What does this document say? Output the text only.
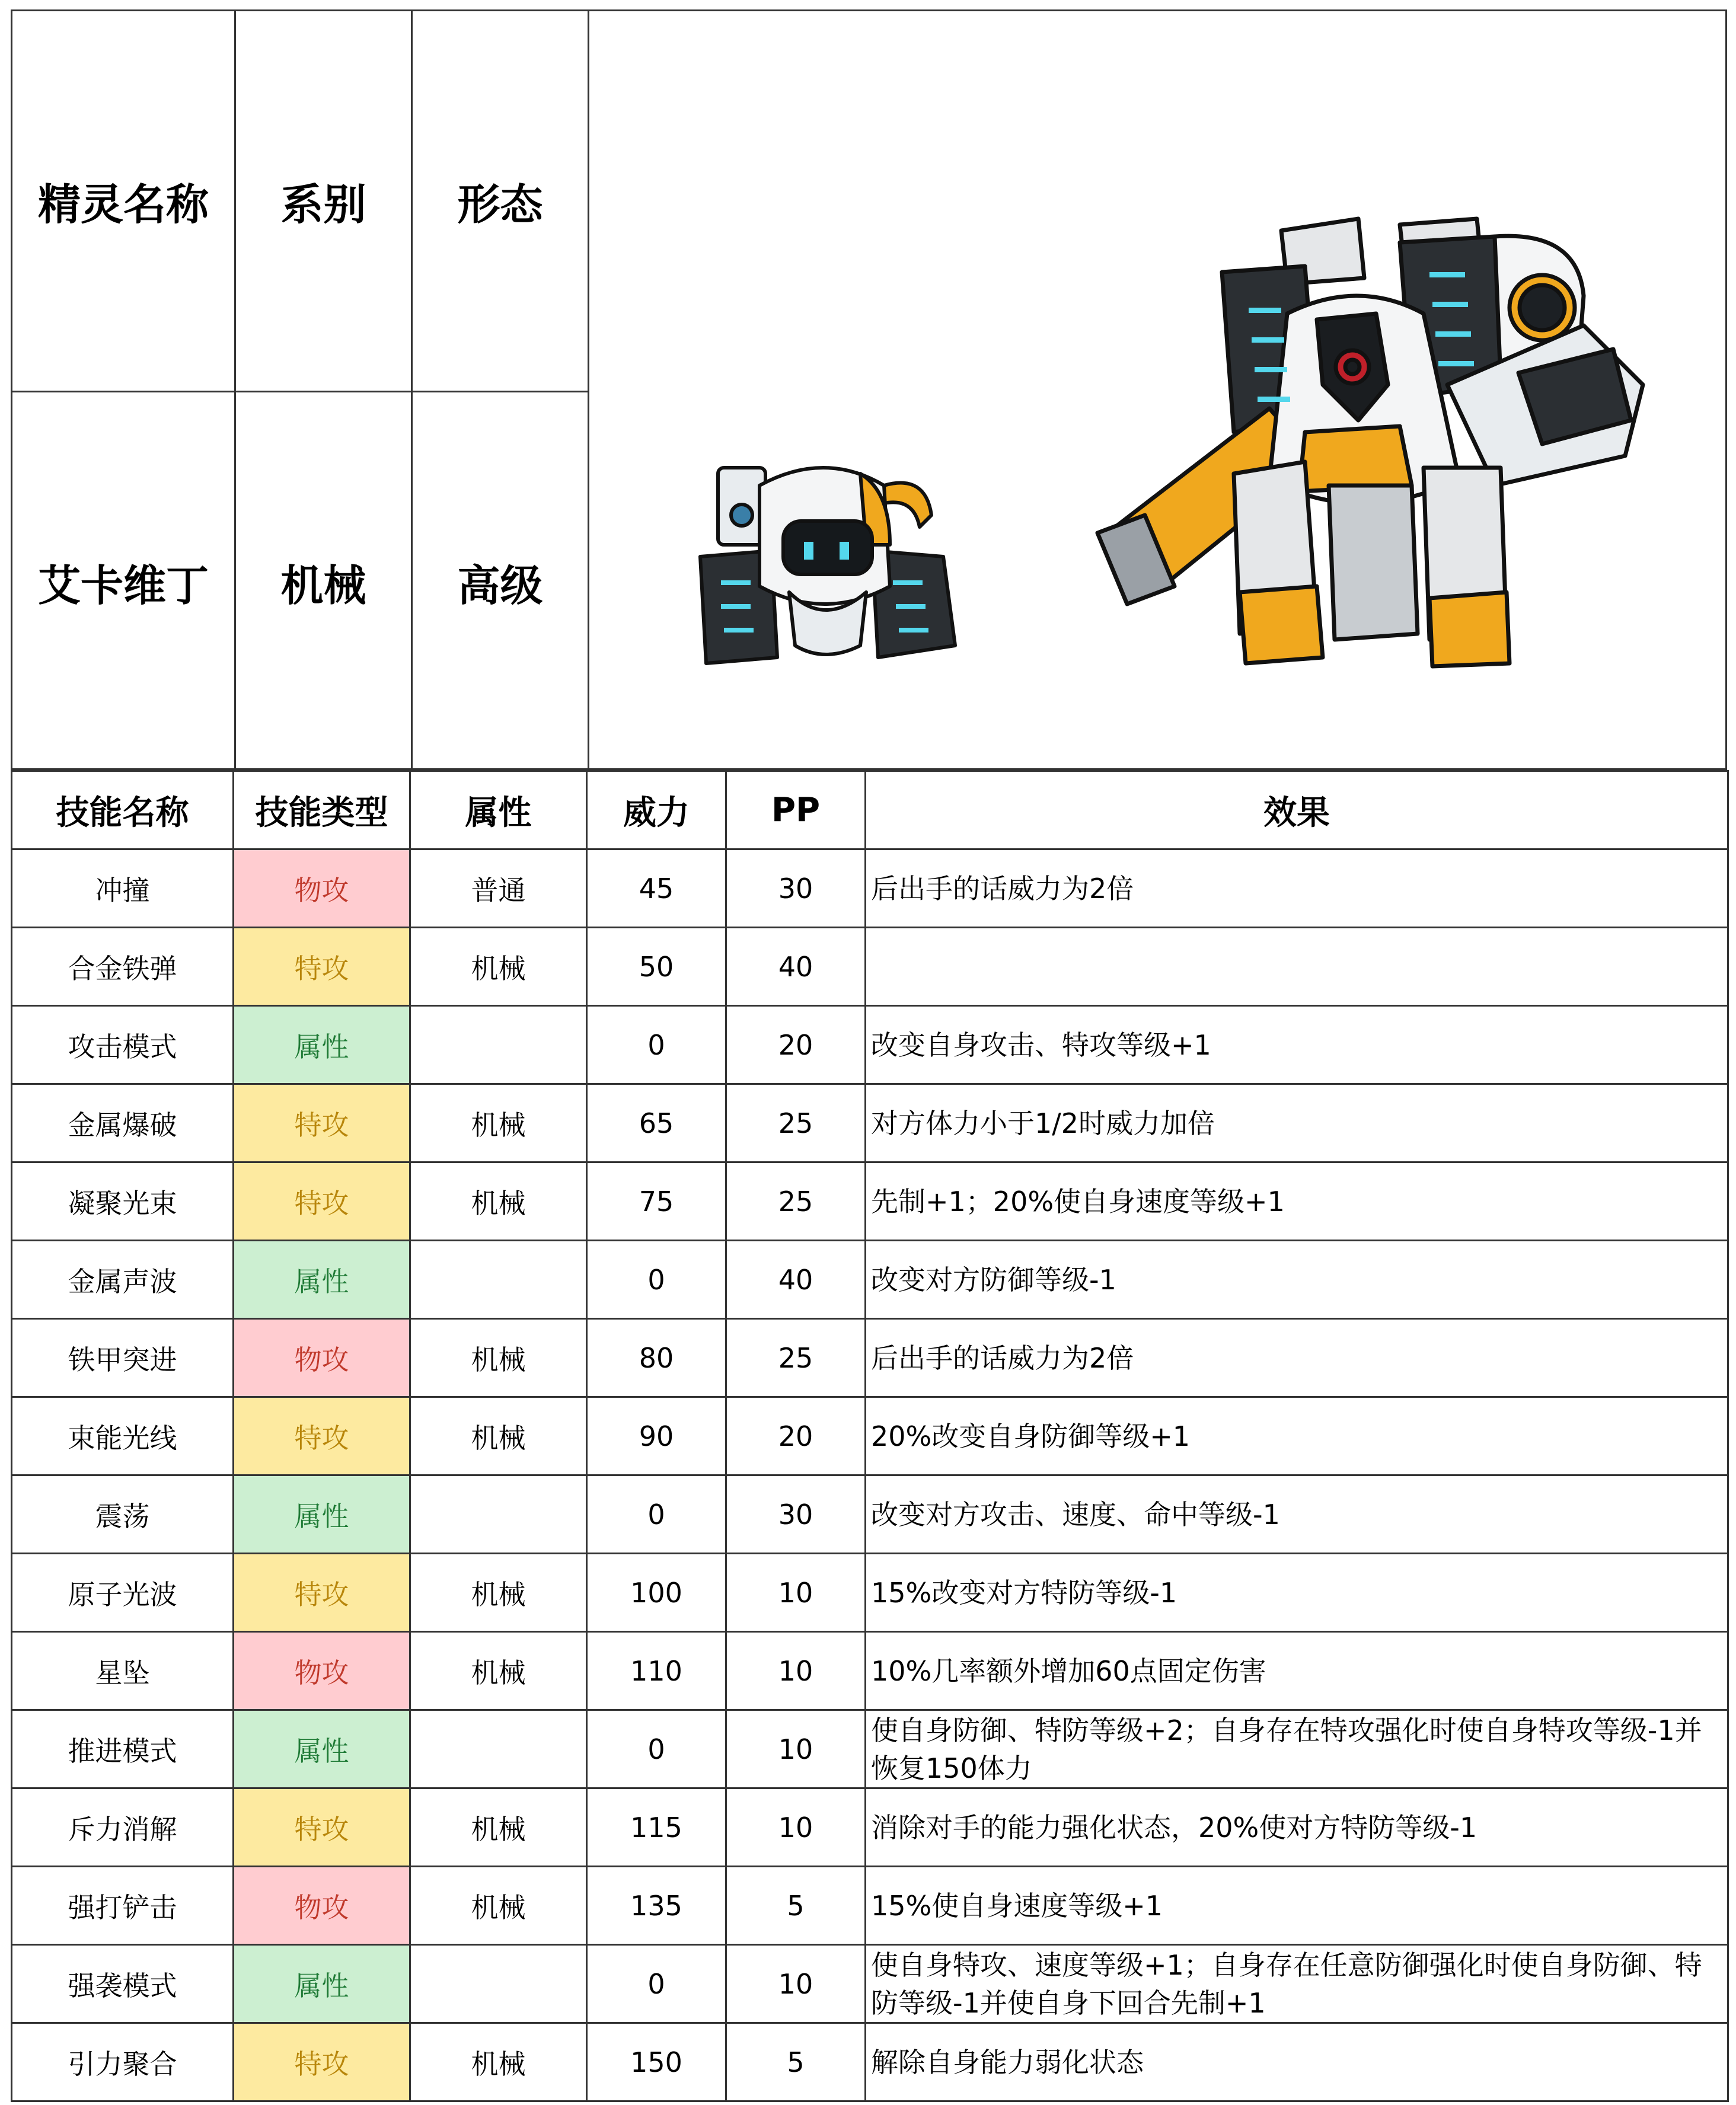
精灵名称	系别	形态
艾卡维丁	机械	高级
技能名称	技能类型	属性	威力	PP	效果
冲撞	物攻	普通	45	30	后出手的话威力为2倍
合金铁弹	特攻	机械	50	40	
攻击模式	属性		0	20	改变自身攻击、特攻等级+1
金属爆破	特攻	机械	65	25	对方体力小于1/2时威力加倍
凝聚光束	特攻	机械	75	25	先制+1；20%使自身速度等级+1
金属声波	属性		0	40	改变对方防御等级-1
铁甲突进	物攻	机械	80	25	后出手的话威力为2倍
束能光线	特攻	机械	90	20	20%改变自身防御等级+1
震荡	属性		0	30	改变对方攻击、速度、命中等级-1
原子光波	特攻	机械	100	10	15%改变对方特防等级-1
星坠	物攻	机械	110	10	10%几率额外增加60点固定伤害
推进模式	属性		0	10	使自身防御、特防等级+2；自身存在特攻强化时使自身特攻等级-1并恢复150体力
斥力消解	特攻	机械	115	10	消除对手的能力强化状态，20%使对方特防等级-1
强打铲击	物攻	机械	135	5	15%使自身速度等级+1
强袭模式	属性		0	10	使自身特攻、速度等级+1；自身存在任意防御强化时使自身防御、特防等级-1并使自身下回合先制+1
引力聚合	特攻	机械	150	5	解除自身能力弱化状态
